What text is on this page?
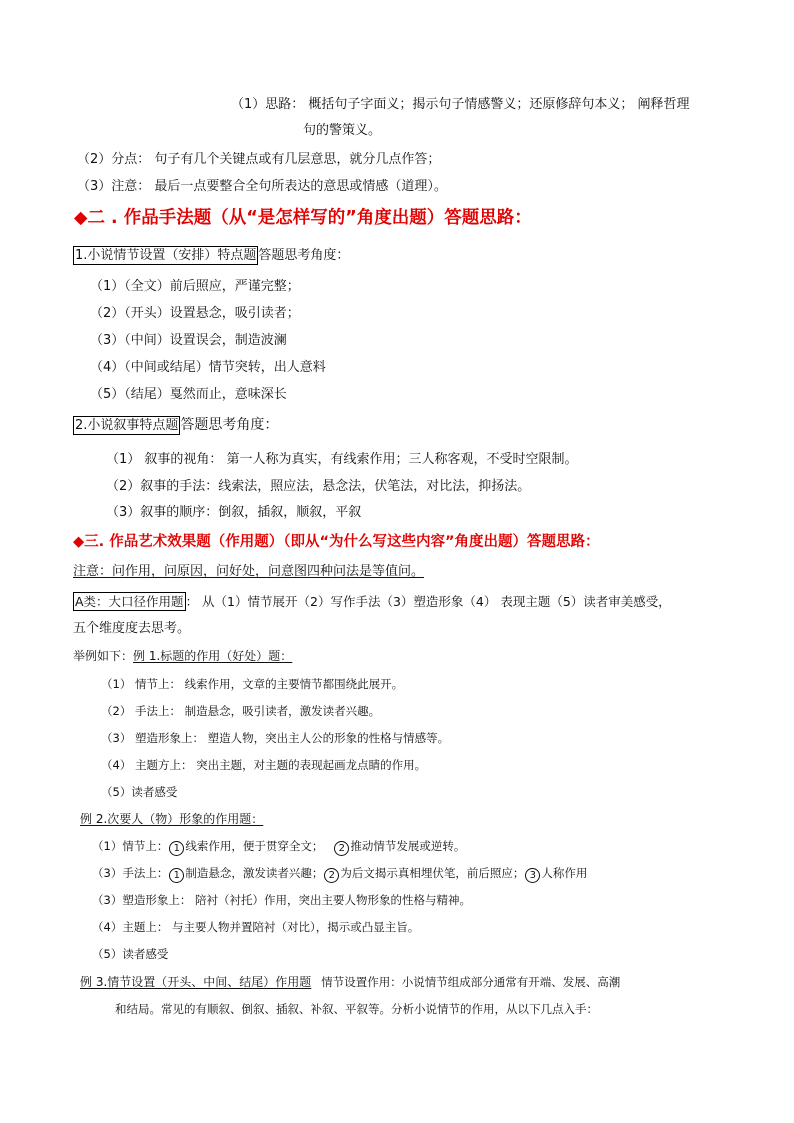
（1）思路： 概括句子字面义；揭示句子情感警义；还原修辞句本义； 阐释哲理
句的警策义。
（2）分点： 句子有几个关键点或有几层意思，就分几点作答；
（3）注意： 最后一点要整合全句所表达的意思或情感（道理）。
◆二 . 作品手法题（从“是怎样写的”角度出题）答题思路：
1.小说情节设置（安排）特点题 答题思考角度：
（1）（全文）前后照应，严谨完整；
（2）（开头）设置悬念，吸引读者；
（3）（中间）设置误会，制造波澜
（4）（中间或结尾）情节突转，出人意料
（5）（结尾）戛然而止，意味深长
2.小说叙事特点题 答题思考角度：
（1） 叙事的视角： 第一人称为真实，有线索作用；三人称客观，不受时空限制。
（2）叙事的手法：线索法，照应法，悬念法，伏笔法，对比法，抑扬法。
（3）叙事的顺序：倒叙，插叙，顺叙，平叙
◆三. 作品艺术效果题（作用题）（即从“为什么写这些内容”角度出题）答题思路：
注意：问作用，问原因，问好处，问意图四种问法是等值问。
A类：大口径作用题 ： 从（1）情节展开（2）写作手法（3）塑造形象（4） 表现主题（5）读者审美感受，
五个维度度去思考。
举例如下：例 1.标题的作用（好处）题：
（1） 情节上： 线索作用，文章的主要情节都围绕此展开。
（2） 手法上： 制造悬念，吸引读者，激发读者兴趣。
（3） 塑造形象上： 塑造人物，突出主人公的形象的性格与情感等。
（4） 主题方上： 突出主题，对主题的表现起画龙点睛的作用。
（5）读者感受
例 2.次要人（物）形象的作用题：
（1）情节上： 1 线索作用，便于贯穿全文； 2 推动情节发展或逆转。
（3）手法上： 1 制造悬念，激发读者兴趣； 2 为后文揭示真相埋伏笔，前后照应； 3 人称作用
（3）塑造形象上： 陪衬（衬托）作用，突出主要人物形象的性格与精神。
（4）主题上： 与主要人物并置陪衬（对比），揭示或凸显主旨。
（5）读者感受
例 3.情节设置（开头、中间、结尾）作用题 情节设置作用：小说情节组成部分通常有开端、发展、高潮
和结局。常见的有顺叙、倒叙、插叙、补叙、平叙等。分析小说情节的作用，从以下几点入手：
